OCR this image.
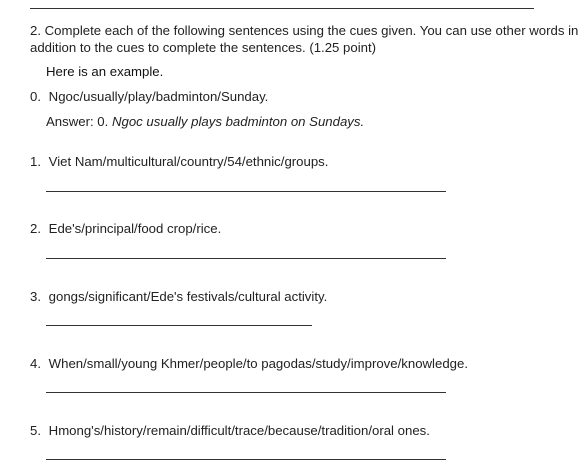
2. Complete each of the following sentences using the cues given. You can use other words in addition to the cues to complete the sentences. (1.25 point)
Here is an example.
0. Ngoc/usually/play/badminton/Sunday.
Answer: 0. Ngoc usually plays badminton on Sundays.
1. Viet Nam/multicultural/country/54/ethnic/groups.
2. Ede's/principal/food crop/rice.
3. gongs/significant/Ede's festivals/cultural activity.
4. When/small/young Khmer/people/to pagodas/study/improve/knowledge.
5. Hmong's/history/remain/difficult/trace/because/tradition/oral ones.
